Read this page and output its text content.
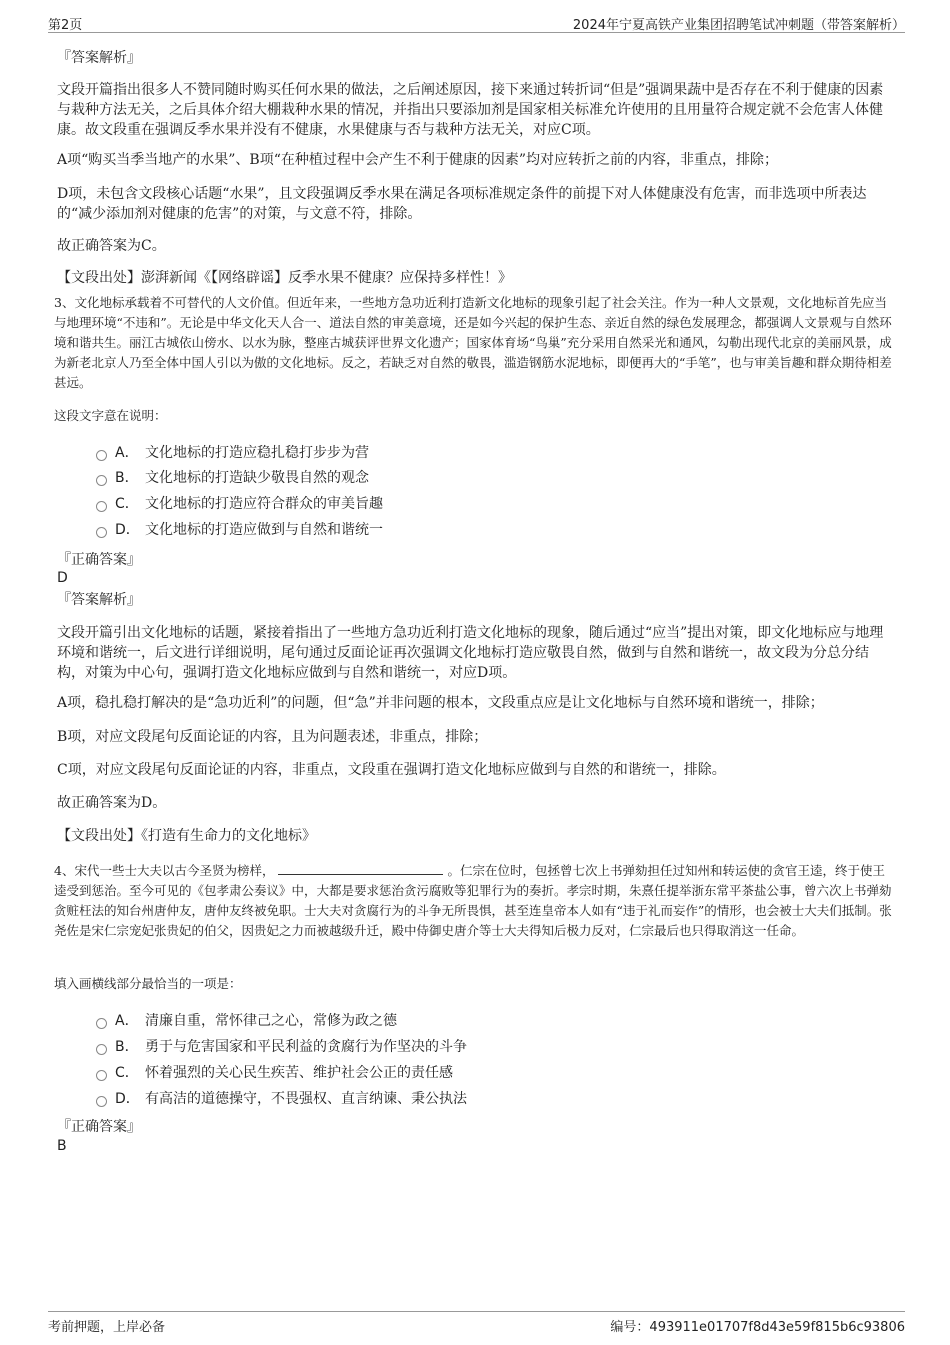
第2页	2024年宁夏高铁产业集团招聘笔试冲刺题（带答案解析）

『答案解析』

文段开篇指出很多人不赞同随时购买任何水果的做法，之后阐述原因，接下来通过转折词“但是”强调果蔬中是否存在不利于健康的因素与栽种方法无关，之后具体介绍大棚栽种水果的情况，并指出只要添加剂是国家相关标准允许使用的且用量符合规定就不会危害人体健康。故文段重在强调反季水果并没有不健康，水果健康与否与栽种方法无关，对应C项。

A项“购买当季当地产的水果”、B项“在种植过程中会产生不利于健康的因素”均对应转折之前的内容，非重点，排除；

D项，未包含文段核心话题“水果”，且文段强调反季水果在满足各项标准规定条件的前提下对人体健康没有危害，而非选项中所表达的“减少添加剂对健康的危害”的对策，与文意不符，排除。

故正确答案为C。

【文段出处】澎湃新闻《【网络辟谣】反季水果不健康？应保持多样性！》

3、文化地标承载着不可替代的人文价值。但近年来，一些地方急功近利打造新文化地标的现象引起了社会关注。作为一种人文景观，文化地标首先应当与地理环境“不违和”。无论是中华文化天人合一、道法自然的审美意境，还是如今兴起的保护生态、亲近自然的绿色发展理念，都强调人文景观与自然环境和谐共生。丽江古城依山傍水、以水为脉，整座古城获评世界文化遗产；国家体育场“鸟巢”充分采用自然采光和通风，勾勒出现代北京的美丽风景，成为新老北京人乃至全体中国人引以为傲的文化地标。反之，若缺乏对自然的敬畏，滥造钢筋水泥地标，即便再大的“手笔”，也与审美旨趣和群众期待相差甚远。

这段文字意在说明：

A． 文化地标的打造应稳扎稳打步步为营
B． 文化地标的打造缺少敬畏自然的观念
C． 文化地标的打造应符合群众的审美旨趣
D． 文化地标的打造应做到与自然和谐统一

『正确答案』

D

『答案解析』

文段开篇引出文化地标的话题，紧接着指出了一些地方急功近利打造文化地标的现象，随后通过“应当”提出对策，即文化地标应与地理环境和谐统一，后文进行详细说明，尾句通过反面论证再次强调文化地标打造应敬畏自然，做到与自然和谐统一，故文段为分总分结构，对策为中心句，强调打造文化地标应做到与自然和谐统一，对应D项。

A项，稳扎稳打解决的是“急功近利”的问题，但“急”并非问题的根本，文段重点应是让文化地标与自然环境和谐统一，排除；

B项，对应文段尾句反面论证的内容，且为问题表述，非重点，排除；

C项，对应文段尾句反面论证的内容，非重点，文段重在强调打造文化地标应做到与自然的和谐统一，排除。

故正确答案为D。

【文段出处】《打造有生命力的文化地标》

4、宋代一些士大夫以古今圣贤为榜样，	。仁宗在位时，包拯曾七次上书弹劾担任过知州和转运使的贪官王逵，终于使王逵受到惩治。至今可见的《包孝肃公奏议》中，大都是要求惩治贪污腐败等犯罪行为的奏折。孝宗时期，朱熹任提举浙东常平茶盐公事，曾六次上书弹劾贪赃枉法的知台州唐仲友，唐仲友终被免职。士大夫对贪腐行为的斗争无所畏惧，甚至连皇帝本人如有“违于礼而妄作”的情形，也会被士大夫们抵制。张尧佐是宋仁宗宠妃张贵妃的伯父，因贵妃之力而被越级升迁，殿中侍御史唐介等士大夫得知后极力反对，仁宗最后也只得取消这一任命。

填入画横线部分最恰当的一项是：

A． 清廉自重，常怀律己之心，常修为政之德
B． 勇于与危害国家和平民利益的贪腐行为作坚决的斗争
C． 怀着强烈的关心民生疾苦、维护社会公正的责任感
D． 有高洁的道德操守，不畏强权、直言纳谏、秉公执法

『正确答案』

B

考前押题，上岸必备	编号：493911e01707f8d43e59f815b6c93806
